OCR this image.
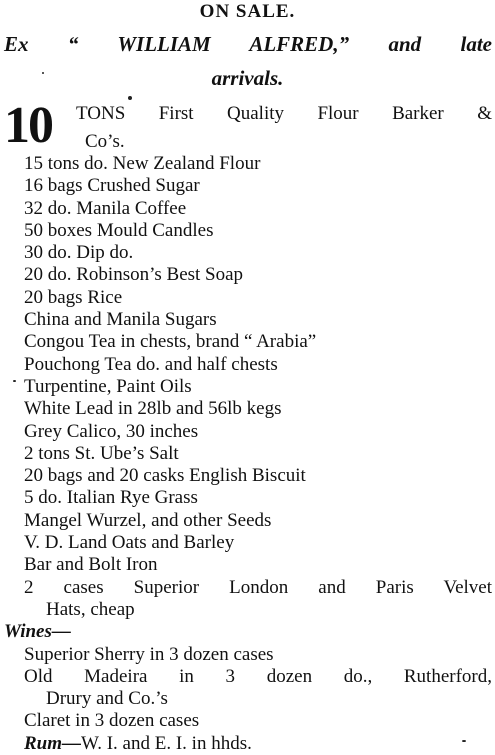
ON SALE.
Ex “ WILLIAM ALFRED,” and late
arrivals.
10 TONS First Quality Flour Barker &
Co’s.
15 tons do. New Zealand Flour
16 bags Crushed Sugar
32 do. Manila Coffee
50 boxes Mould Candles
30 do. Dip do.
20 do. Robinson’s Best Soap
20 bags Rice
China and Manila Sugars
Congou Tea in chests, brand “ Arabia”
Pouchong Tea do. and half chests
Turpentine, Paint Oils
White Lead in 28lb and 56lb kegs
Grey Calico, 30 inches
2 tons St. Ube’s Salt
20 bags and 20 casks English Biscuit
5 do. Italian Rye Grass
Mangel Wurzel, and other Seeds
V. D. Land Oats and Barley
Bar and Bolt Iron
2 cases Superior London and Paris Velvet
Hats, cheap
Wines—
Superior Sherry in 3 dozen cases
Old Madeira in 3 dozen do., Rutherford,
Drury and Co.’s
Claret in 3 dozen cases
Rum—W. I. and E. I. in hhds.
